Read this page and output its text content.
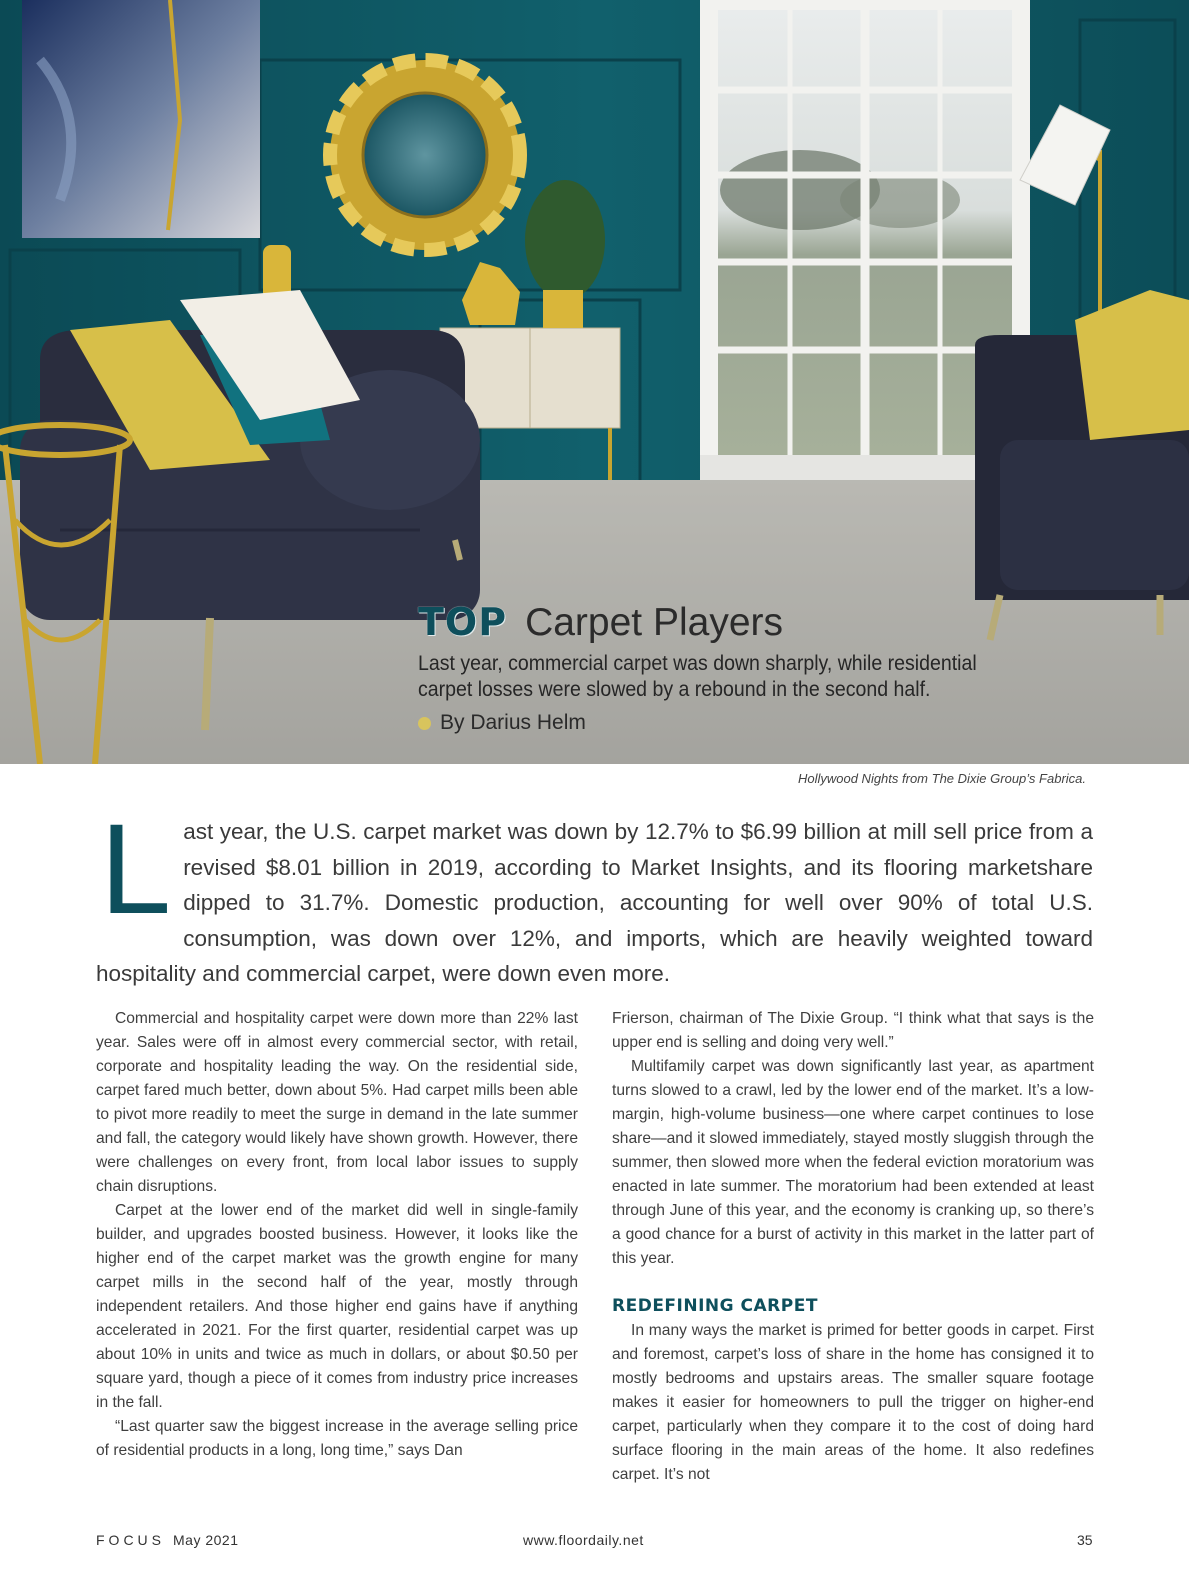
TOP Carpet Players
Last year, commercial carpet was down sharply, while residential carpet losses were slowed by a rebound in the second half.
By Darius Helm
Hollywood Nights from The Dixie Group’s Fabrica.
L ast year, the U.S. carpet market was down by 12.7% to $6.99 billion at mill sell price from a revised $8.01 billion in 2019, according to Market Insights, and its flooring marketshare dipped to 31.7%. Domestic production, accounting for well over 90% of total U.S. consumption, was down over 12%, and imports, which are heavily weighted toward hospitality and commercial carpet, were down even more.

Commercial and hospitality carpet were down more than 22% last year. Sales were off in almost every commercial sector, with retail, corporate and hospitality leading the way. On the residential side, carpet fared much better, down about 5%. Had carpet mills been able to pivot more readily to meet the surge in demand in the late summer and fall, the category would likely have shown growth. However, there were challenges on every front, from local labor issues to supply chain disruptions.

Carpet at the lower end of the market did well in single-family builder, and upgrades boosted business. However, it looks like the higher end of the carpet market was the growth engine for many carpet mills in the second half of the year, mostly through independent retailers. And those higher end gains have if anything accelerated in 2021. For the first quarter, residential carpet was up about 10% in units and twice as much in dollars, or about $0.50 per square yard, though a piece of it comes from industry price increases in the fall.

“Last quarter saw the biggest increase in the average selling price of residential products in a long, long time,” says Dan

Frierson, chairman of The Dixie Group. “I think what that says is the upper end is selling and doing very well.”

Multifamily carpet was down significantly last year, as apartment turns slowed to a crawl, led by the lower end of the market. It’s a low-margin, high-volume business—one where carpet continues to lose share—and it slowed immediately, stayed mostly sluggish through the summer, then slowed more when the federal eviction moratorium was enacted in late summer. The moratorium had been extended at least through June of this year, and the economy is cranking up, so there’s a good chance for a burst of activity in this market in the latter part of this year.

REDEFINING CARPET

In many ways the market is primed for better goods in carpet. First and foremost, carpet’s loss of share in the home has consigned it to mostly bedrooms and upstairs areas. The smaller square footage makes it easier for homeowners to pull the trigger on higher-end carpet, particularly when they compare it to the cost of doing hard surface flooring in the main areas of the home. It also redefines carpet. It’s not

FOCUS May 2021	www.floordaily.net	35
